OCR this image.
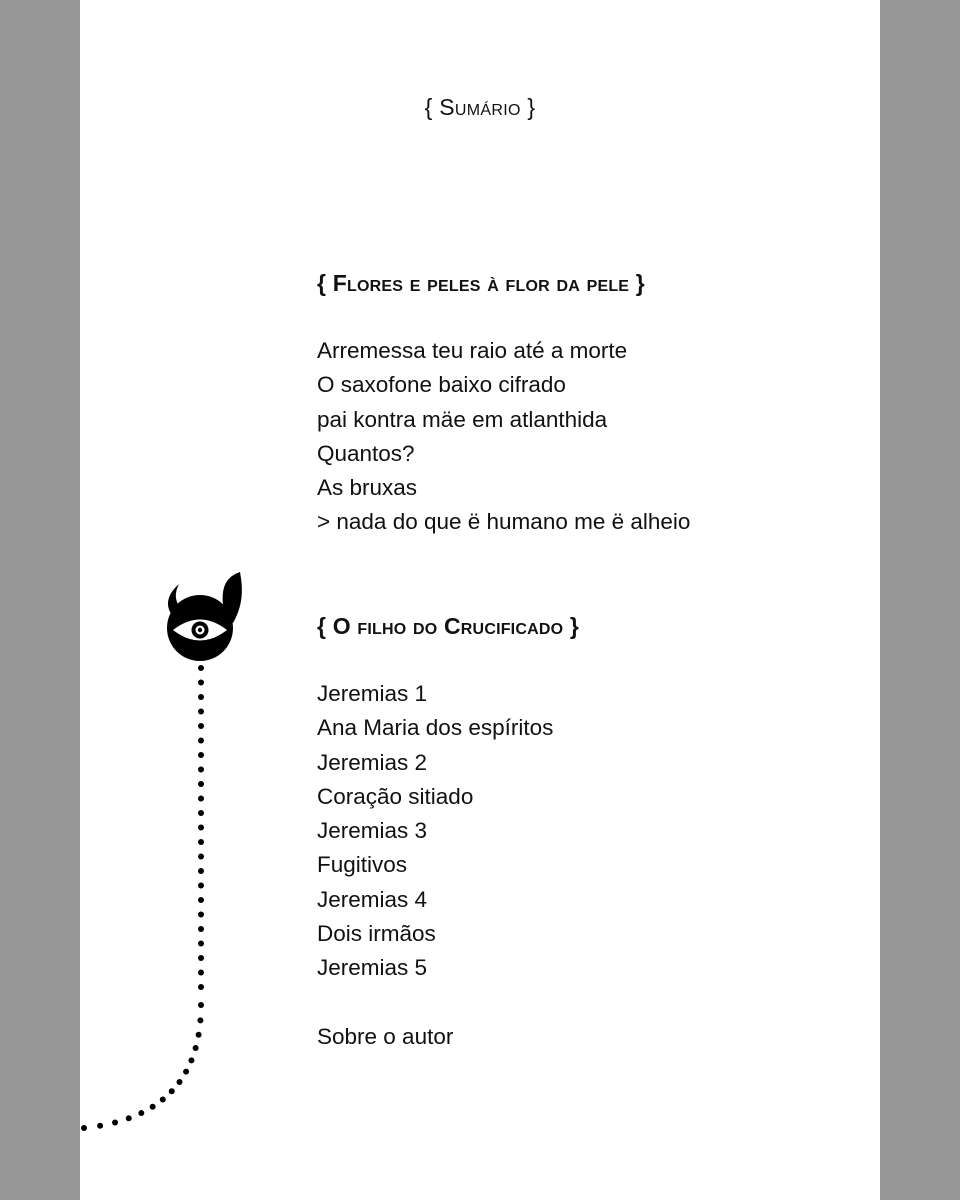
{ Sumário }
{ Flores e peles à flor da pele }
Arremessa teu raio até a morte
O saxofone baixo cifrado
pai kontra mäe em atlanthida
Quantos?
As bruxas
> nada do que ë humano me ë alheio
{ O filho do Crucificado }
Jeremias 1
Ana Maria dos espíritos
Jeremias 2
Coração sitiado
Jeremias 3
Fugitivos
Jeremias 4
Dois irmãos
Jeremias 5
Sobre o autor
